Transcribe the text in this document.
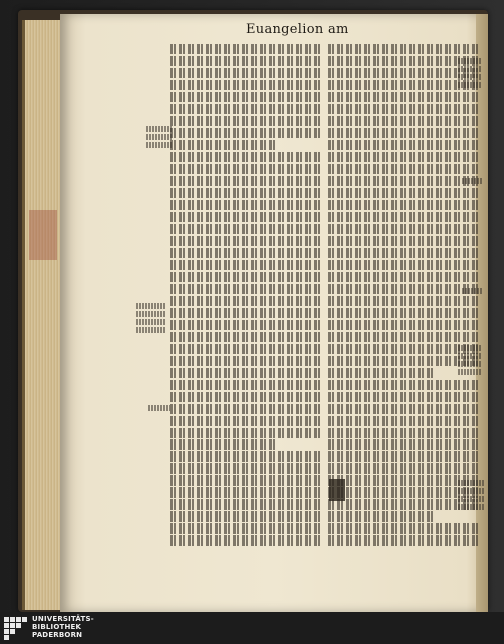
Euangelion am
UNIVERSITÄTS-
BIBLIOTHEK
PADERBORN
